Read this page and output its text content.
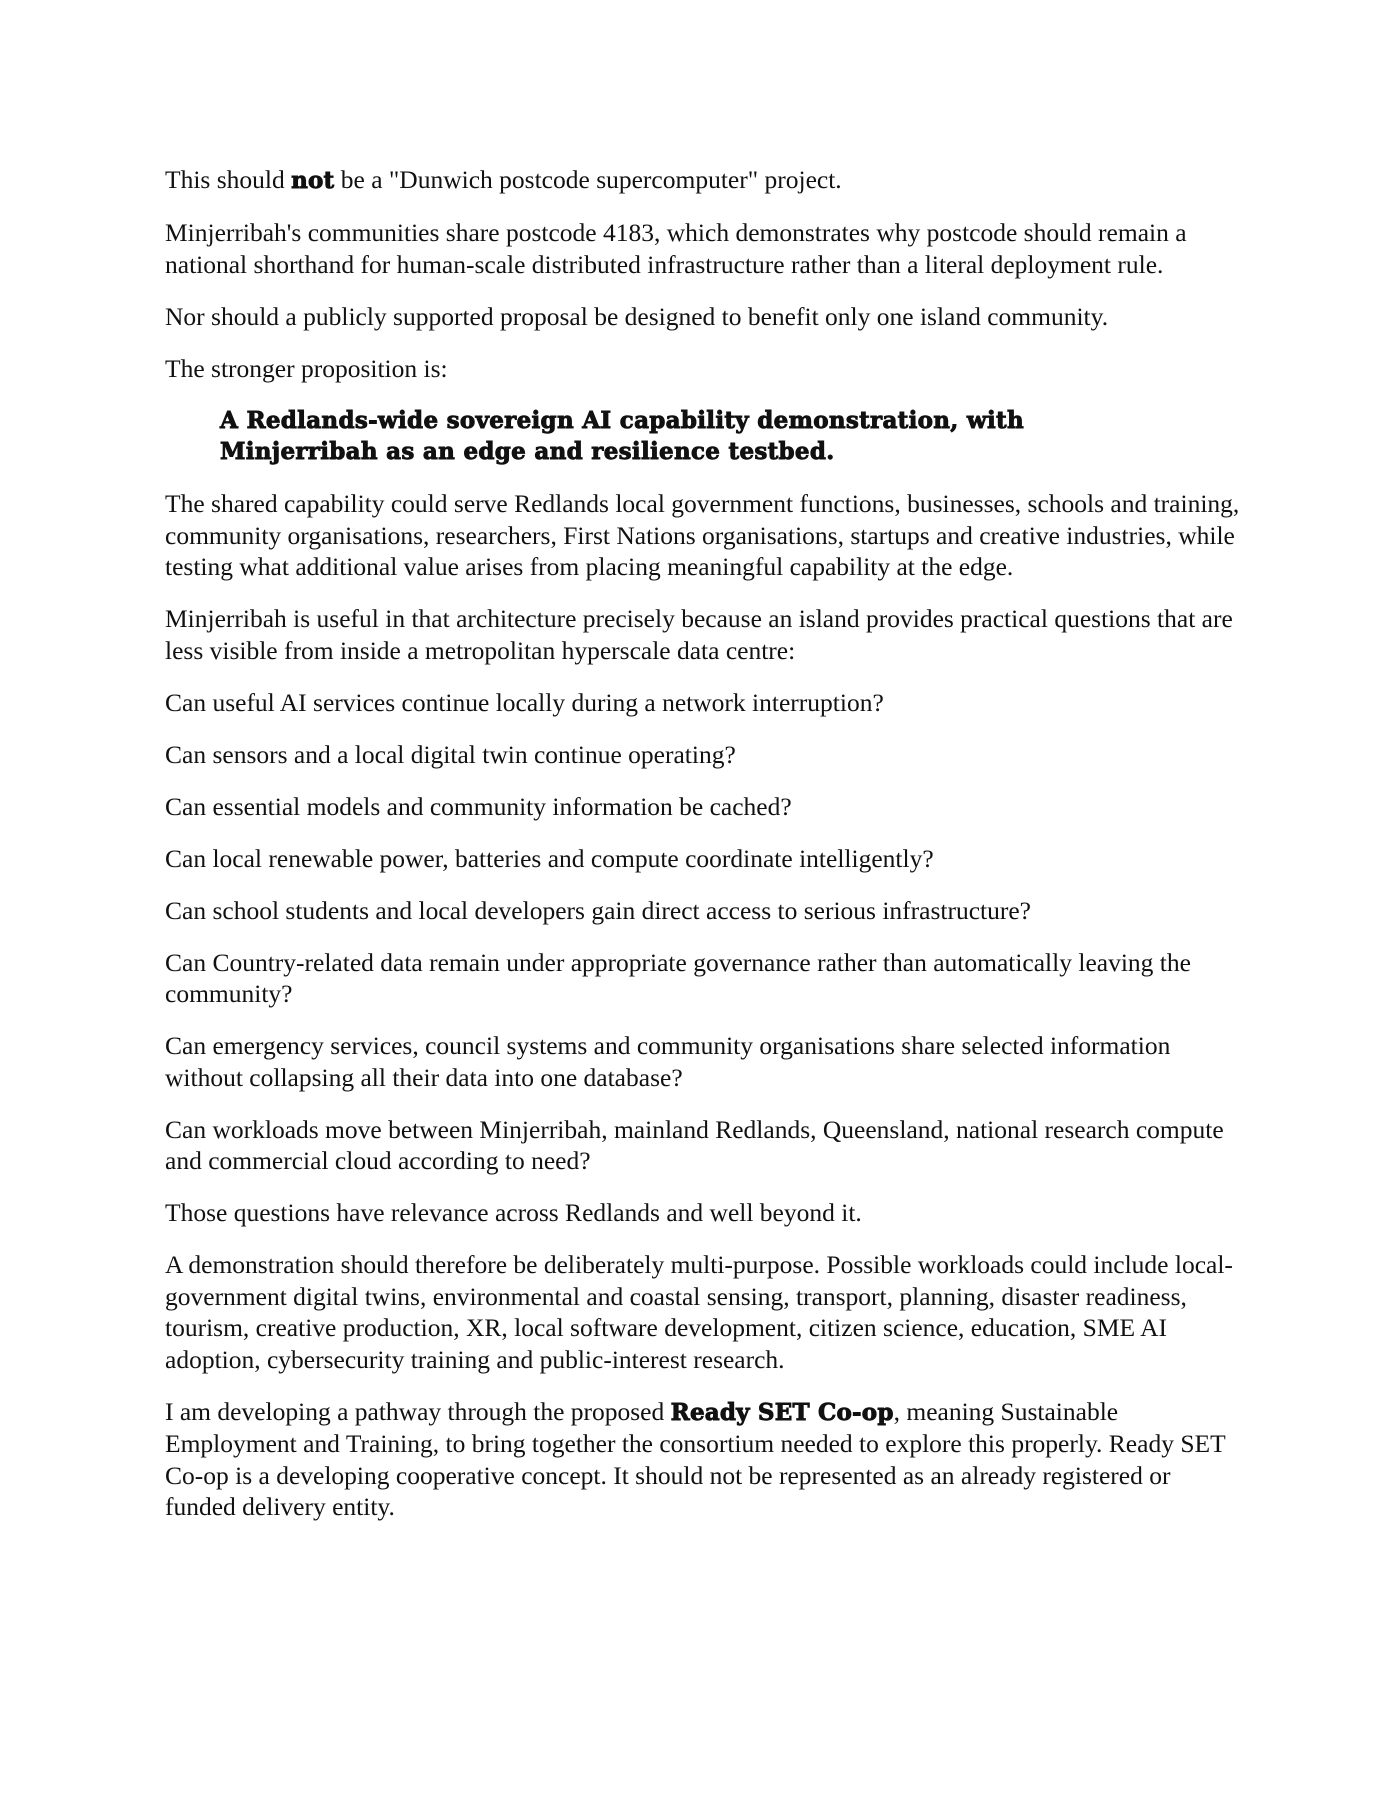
This should not be a "Dunwich postcode supercomputer" project.

Minjerribah's communities share postcode 4183, which demonstrates why postcode should remain a national shorthand for human-scale distributed infrastructure rather than a literal deployment rule.

Nor should a publicly supported proposal be designed to benefit only one island community.

The stronger proposition is:

A Redlands-wide sovereign AI capability demonstration, with Minjerribah as an edge and resilience testbed.

The shared capability could serve Redlands local government functions, businesses, schools and training, community organisations, researchers, First Nations organisations, startups and creative industries, while testing what additional value arises from placing meaningful capability at the edge.

Minjerribah is useful in that architecture precisely because an island provides practical questions that are less visible from inside a metropolitan hyperscale data centre:

Can useful AI services continue locally during a network interruption?

Can sensors and a local digital twin continue operating?

Can essential models and community information be cached?

Can local renewable power, batteries and compute coordinate intelligently?

Can school students and local developers gain direct access to serious infrastructure?

Can Country-related data remain under appropriate governance rather than automatically leaving the community?

Can emergency services, council systems and community organisations share selected information without collapsing all their data into one database?

Can workloads move between Minjerribah, mainland Redlands, Queensland, national research compute and commercial cloud according to need?

Those questions have relevance across Redlands and well beyond it.

A demonstration should therefore be deliberately multi-purpose. Possible workloads could include local-government digital twins, environmental and coastal sensing, transport, planning, disaster readiness, tourism, creative production, XR, local software development, citizen science, education, SME AI adoption, cybersecurity training and public-interest research.

I am developing a pathway through the proposed Ready SET Co-op, meaning Sustainable Employment and Training, to bring together the consortium needed to explore this properly. Ready SET Co-op is a developing cooperative concept. It should not be represented as an already registered or funded delivery entity.
